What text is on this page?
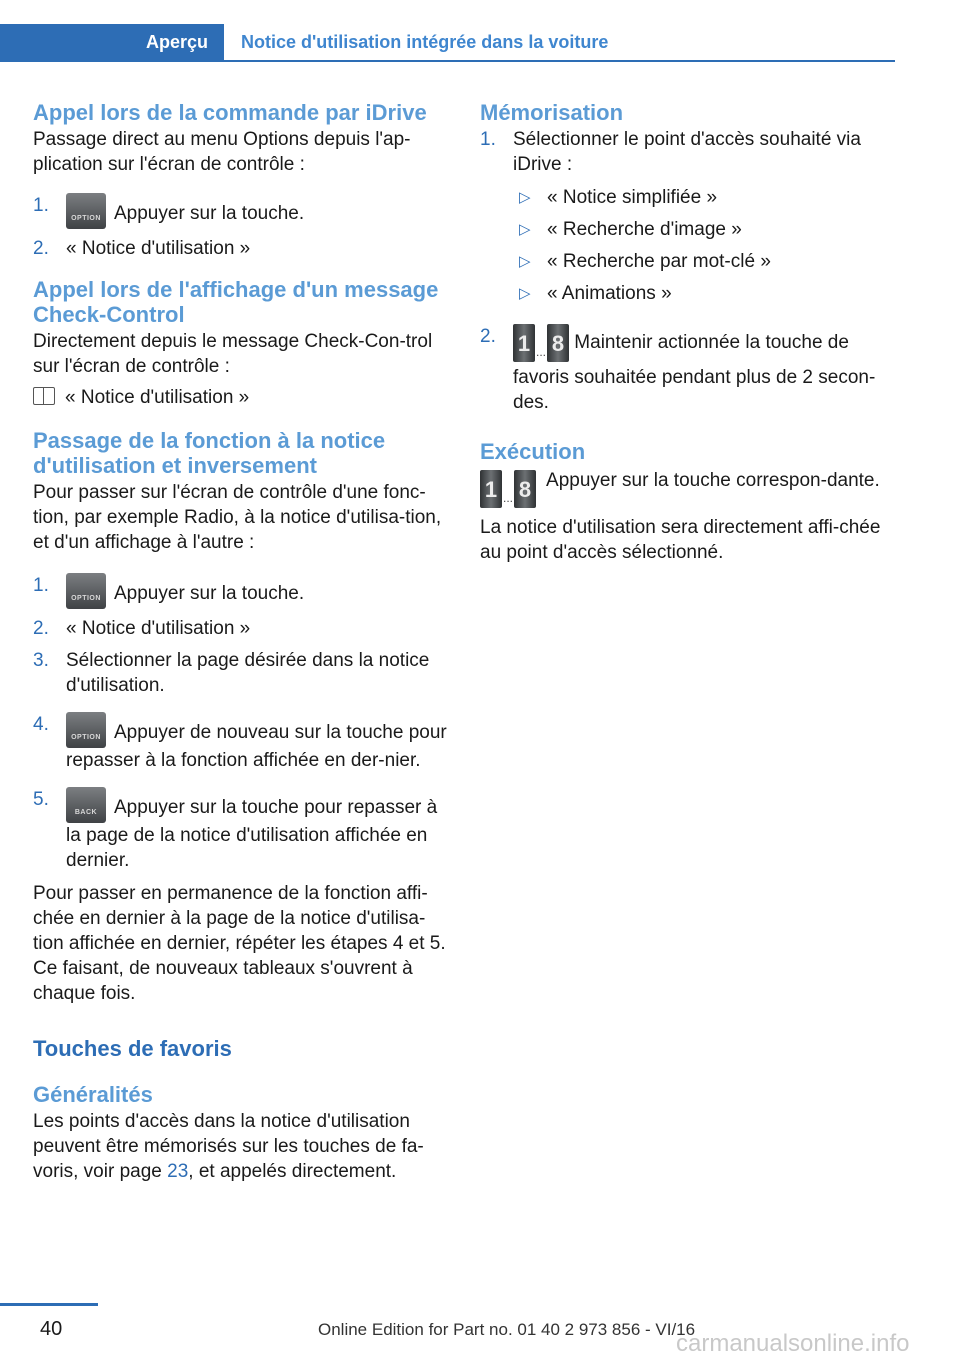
Aperçu Notice d'utilisation intégrée dans la voiture
Appel lors de la commande par iDrive

Passage direct au menu Options depuis l'ap-plication sur l'écran de contrôle :

1.
OPTION Appuyer sur la touche.
2. « Notice d'utilisation »
Appel lors de l'affichage d'un message Check-Control

Directement depuis le message Check-Con-trol sur l'écran de contrôle :

« Notice d'utilisation »

Passage de la fonction à la notice d'utilisation et inversement

Pour passer sur l'écran de contrôle d'une fonc-tion, par exemple Radio, à la notice d'utilisa-tion, et d'un affichage à l'autre :

1.
OPTION Appuyer sur la touche.
2. « Notice d'utilisation »
3. Sélectionner la page désirée dans la notice d'utilisation.
4.
OPTION Appuyer de nouveau sur la touche pour repasser à la fonction affichée en der-nier.
5.
BACK Appuyer sur la touche pour repasser à la page de la notice d'utilisation affichée en dernier.

Pour passer en permanence de la fonction affi-chée en dernier à la page de la notice d'utilisa-tion affichée en dernier, répéter les étapes 4 et 5. Ce faisant, de nouveaux tableaux s'ouvrent à chaque fois.

Touches de favoris
Généralités

Les points d'accès dans la notice d'utilisation peuvent être mémorisés sur les touches de fa-voris, voir page 23, et appelés directement.

Mémorisation
1. Sélectionner le point d'accès souhaité via iDrive :
▷ « Notice simplifiée »
▷ « Recherche d'image »
▷ « Recherche par mot-clé »
▷ « Animations »
2. 1 ... 8 Maintenir actionnée la touche de favoris souhaitée pendant plus de 2 secon-des.
Exécution
1 ... 8 Appuyer sur la touche correspon-dante.

La notice d'utilisation sera directement affi-chée au point d'accès sélectionné.

40	Online Edition for Part no. 01 40 2 973 856 - VI/16
carmanualsonline.info
